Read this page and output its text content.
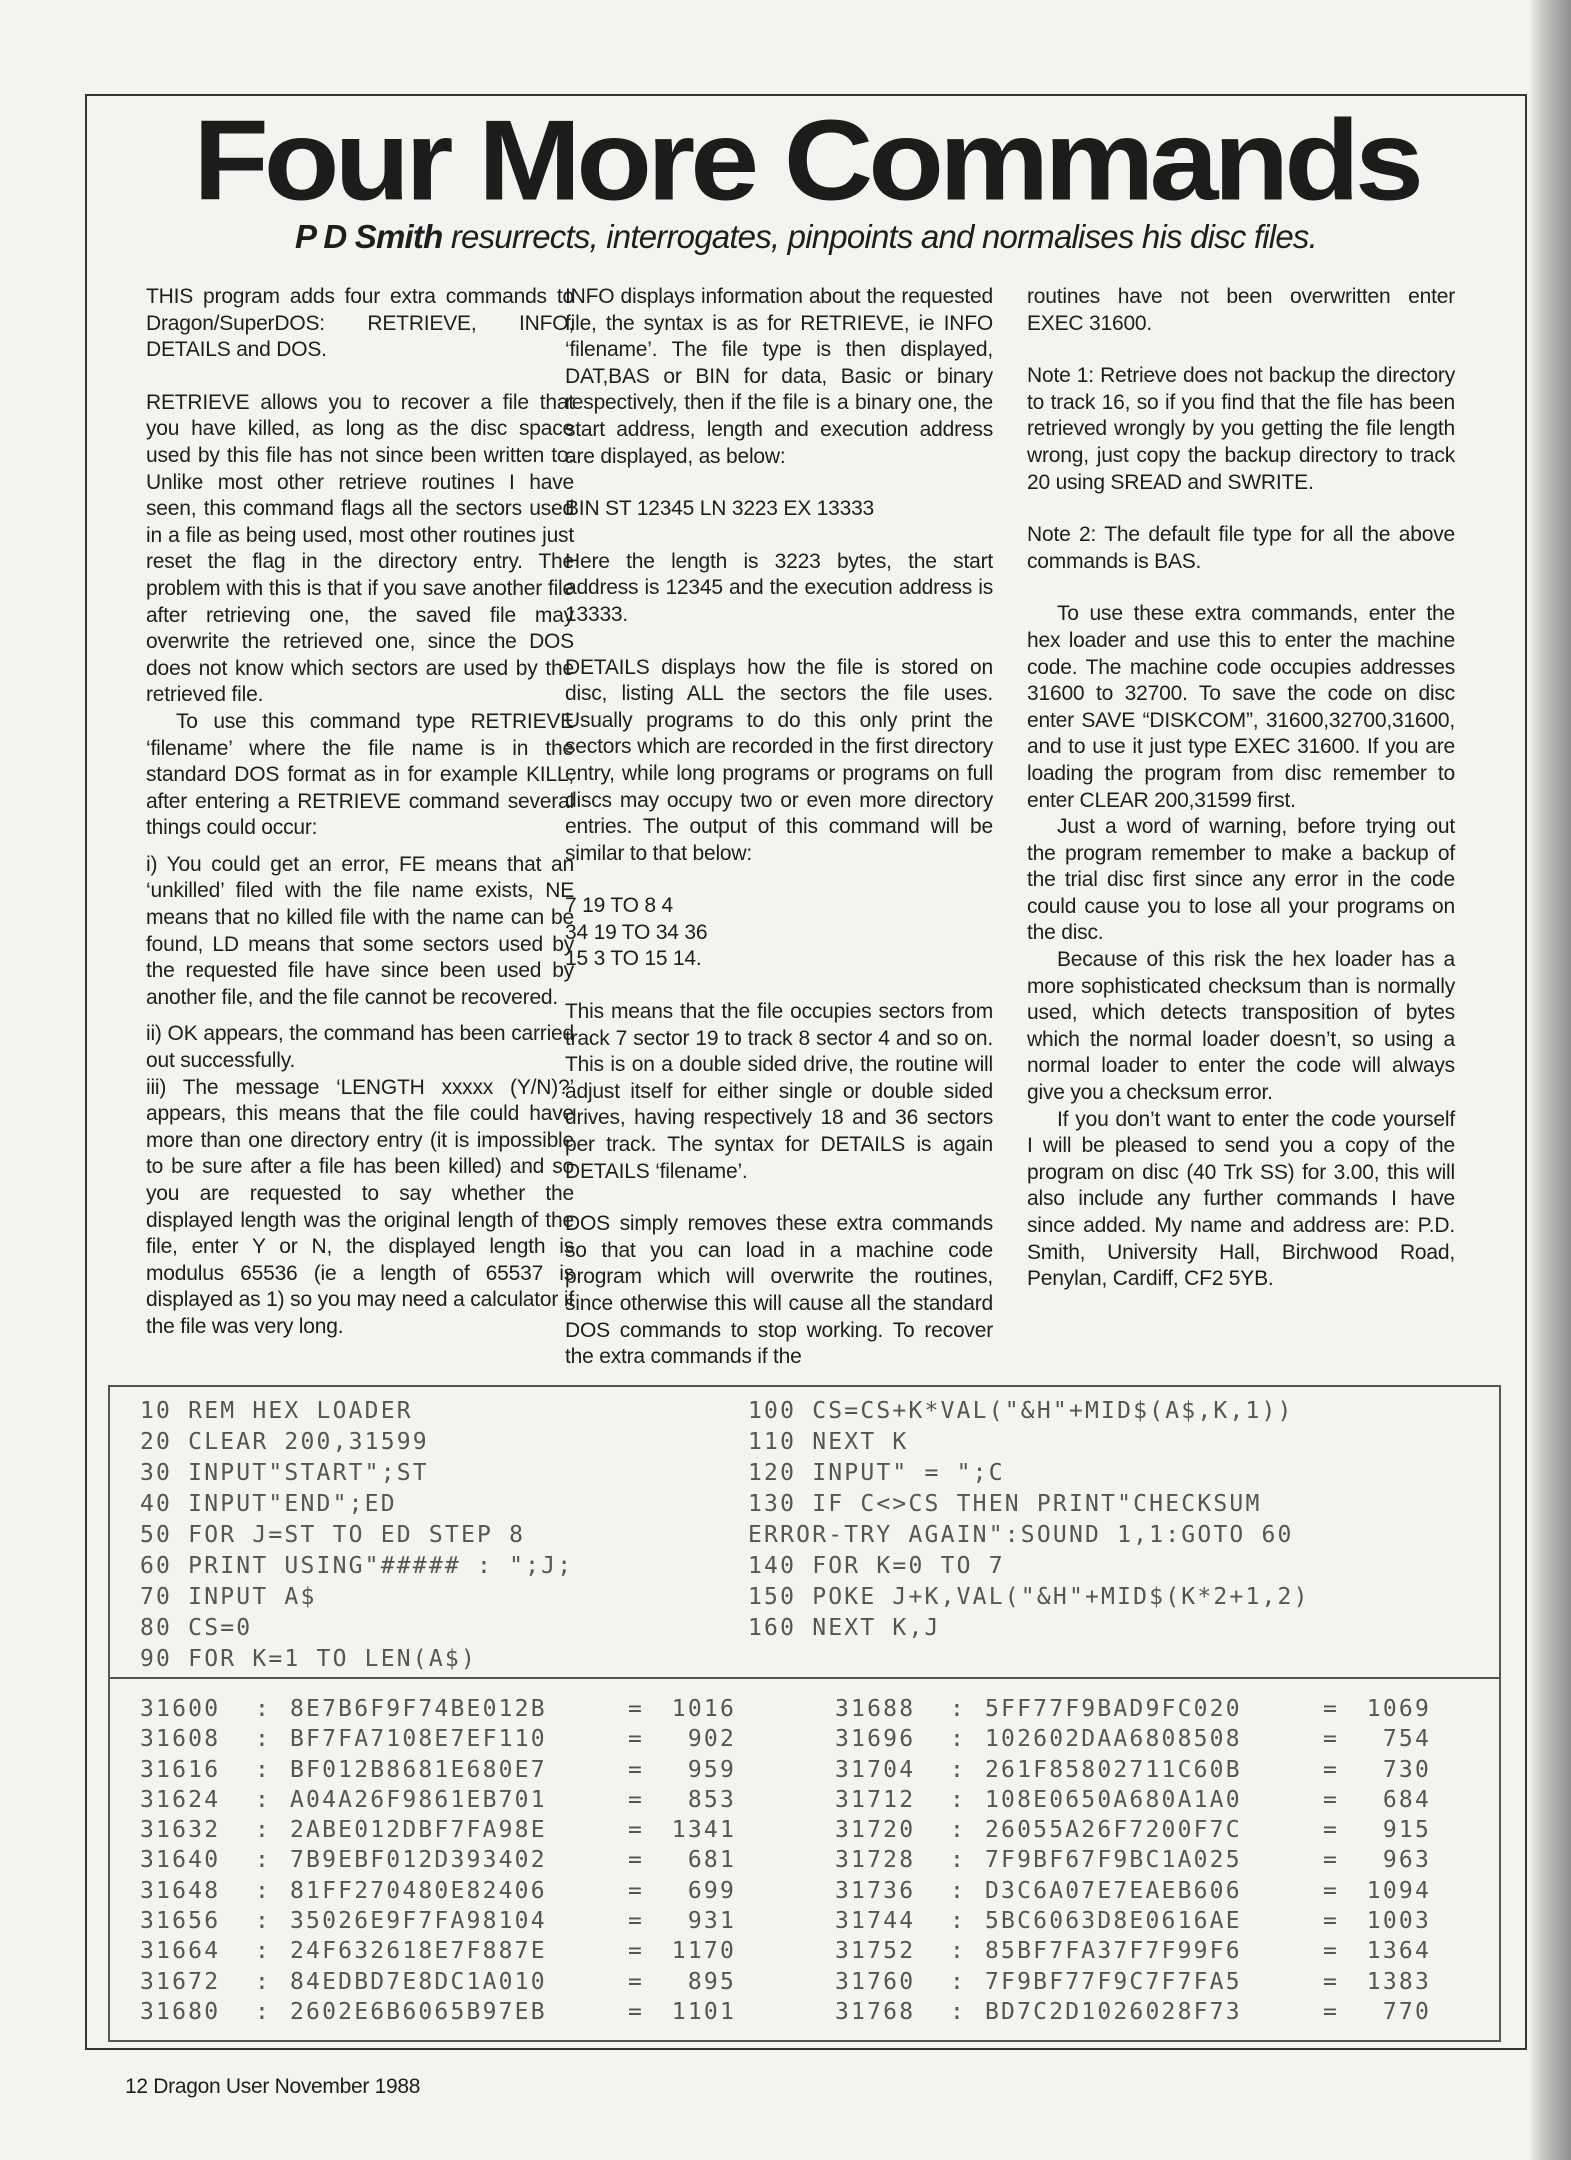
Four More Commands
P D Smith resurrects, interrogates, pinpoints and normalises his disc files.

THIS program adds four extra commands to Dragon/SuperDOS: RETRIEVE, INFO, DETAILS and DOS.

RETRIEVE allows you to recover a file that you have killed, as long as the disc space used by this file has not since been written to. Unlike most other retrieve routines I have seen, this command flags all the sectors used in a file as being used, most other routines just reset the flag in the directory entry. The problem with this is that if you save another file after retrieving one, the saved file may overwrite the retrieved one, since the DOS does not know which sectors are used by the retrieved file.

To use this command type RETRIEVE ‘filename’ where the file name is in the standard DOS format as in for example KILL, after entering a RETRIEVE command several things could occur:

i) You could get an error, FE means that an ‘unkilled’ filed with the file name exists, NE means that no killed file with the name can be found, LD means that some sectors used by the requested file have since been used by another file, and the file cannot be recovered.

ii) OK appears, the command has been carried out successfully.

iii) The message ‘LENGTH xxxxx (Y/N)?’ appears, this means that the file could have more than one directory entry (it is impossible to be sure after a file has been killed) and so you are requested to say whether the displayed length was the original length of the file, enter Y or N, the displayed length is modulus 65536 (ie a length of 65537 is displayed as 1) so you may need a calculator if the file was very long.

INFO displays information about the requested file, the syntax is as for RETRIEVE, ie INFO ‘filename’. The file type is then displayed, DAT,BAS or BIN for data, Basic or binary respectively, then if the file is a binary one, the start address, length and execution address are displayed, as below:

BIN ST 12345 LN 3223 EX 13333

Here the length is 3223 bytes, the start address is 12345 and the execution address is 13333.

DETAILS displays how the file is stored on disc, listing ALL the sectors the file uses. Usually programs to do this only print the sectors which are recorded in the first directory entry, while long programs or programs on full discs may occupy two or even more directory entries. The output of this command will be similar to that below:

7 19 TO 8 4
34 19 TO 34 36
15 3 TO 15 14.

This means that the file occupies sectors from track 7 sector 19 to track 8 sector 4 and so on. This is on a double sided drive, the routine will adjust itself for either single or double sided drives, having respectively 18 and 36 sectors per track. The syntax for DETAILS is again DETAILS ‘filename’.

DOS simply removes these extra commands so that you can load in a machine code program which will overwrite the routines, since otherwise this will cause all the standard DOS commands to stop working. To recover the extra commands if the

routines have not been overwritten enter EXEC 31600.

Note 1: Retrieve does not backup the directory to track 16, so if you find that the file has been retrieved wrongly by you getting the file length wrong, just copy the backup directory to track 20 using SREAD and SWRITE.

Note 2: The default file type for all the above commands is BAS.

To use these extra commands, enter the hex loader and use this to enter the machine code. The machine code occupies addresses 31600 to 32700. To save the code on disc enter SAVE “DISKCOM”, 31600,32700,31600, and to use it just type EXEC 31600. If you are loading the program from disc remember to enter CLEAR 200,31599 first.

Just a word of warning, before trying out the program remember to make a backup of the trial disc first since any error in the code could cause you to lose all your programs on the disc.

Because of this risk the hex loader has a more sophisticated checksum than is normally used, which detects transposition of bytes which the normal loader doesn’t, so using a normal loader to enter the code will always give you a checksum error.

If you don’t want to enter the code yourself I will be pleased to send you a copy of the program on disc (40 Trk SS) for 3.00, this will also include any further commands I have since added. My name and address are: P.D. Smith, University Hall, Birchwood Road, Penylan, Cardiff, CF2 5YB.

10 REM HEX LOADER
20 CLEAR 200,31599
30 INPUT"START";ST
40 INPUT"END";ED
50 FOR J=ST TO ED STEP 8
60 PRINT USING"##### : ";J;
70 INPUT A$
80 CS=0
90 FOR K=1 TO LEN(A$)
100 CS=CS+K*VAL("&H"+MID$(A$,K,1))
110 NEXT K
120 INPUT" = ";C
130 IF C<>CS THEN PRINT"CHECKSUM
ERROR-TRY AGAIN":SOUND 1,1:GOTO 60
140 FOR K=0 TO 7
150 POKE J+K,VAL("&H"+MID$(K*2+1,2)
160 NEXT K,J
31600 : 8E7B6F9F74BE012B	=	1016
31608 : BF7FA7108E7EF110	=	902
31616 : BF012B8681E680E7	=	959
31624 : A04A26F9861EB701	=	853
31632 : 2ABE012DBF7FA98E	=	1341
31640 : 7B9EBF012D393402	=	681
31648 : 81FF270480E82406	=	699
31656 : 35026E9F7FA98104	=	931
31664 : 24F632618E7F887E	=	1170
31672 : 84EDBD7E8DC1A010	=	895
31680 : 2602E6B6065B97EB	=	1101
31688 : 5FF77F9BAD9FC020	=	1069
31696 : 102602DAA6808508	=	754
31704 : 261F85802711C60B	=	730
31712 : 108E0650A680A1A0	=	684
31720 : 26055A26F7200F7C	=	915
31728 : 7F9BF67F9BC1A025	=	963
31736 : D3C6A07E7EAEB606	=	1094
31744 : 5BC6063D8E0616AE	=	1003
31752 : 85BF7FA37F7F99F6	=	1364
31760 : 7F9BF77F9C7F7FA5	=	1383
31768 : BD7C2D1026028F73	=	770
12 Dragon User November 1988
